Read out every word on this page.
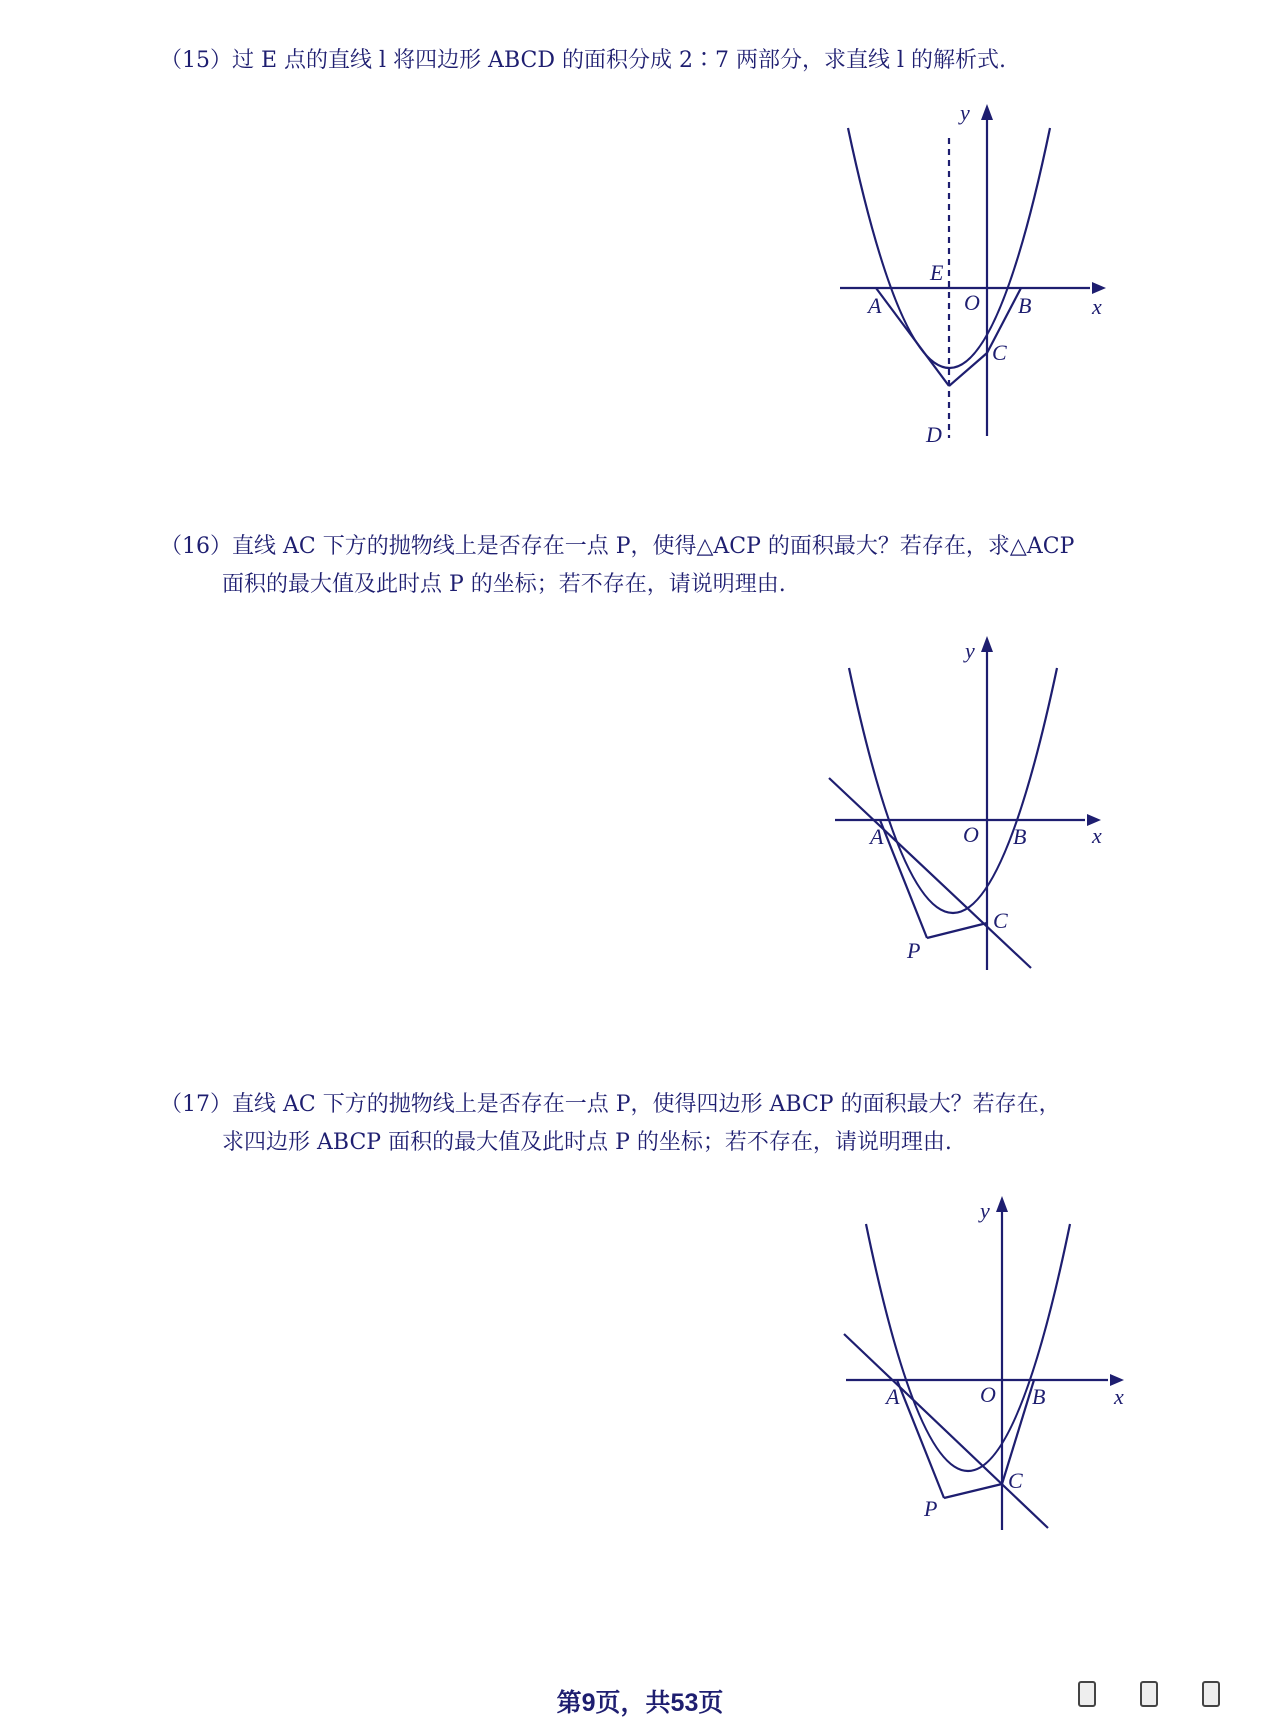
（15）过 E 点的直线 l 将四边形 ABCD 的面积分成 2∶7 两部分，求直线 l 的解析式.
y
x
E
O
A	B
C
D
（16）直线 AC 下方的抛物线上是否存在一点 P，使得△ACP 的面积最大？若存在，求△ACP
面积的最大值及此时点 P 的坐标；若不存在，请说明理由.
y
x
O
A	B
C
P
（17）直线 AC 下方的抛物线上是否存在一点 P，使得四边形 ABCP 的面积最大？若存在，
求四边形 ABCP 面积的最大值及此时点 P 的坐标；若不存在，请说明理由.
y
x
O
A	B
C
P
第9页，共53页
